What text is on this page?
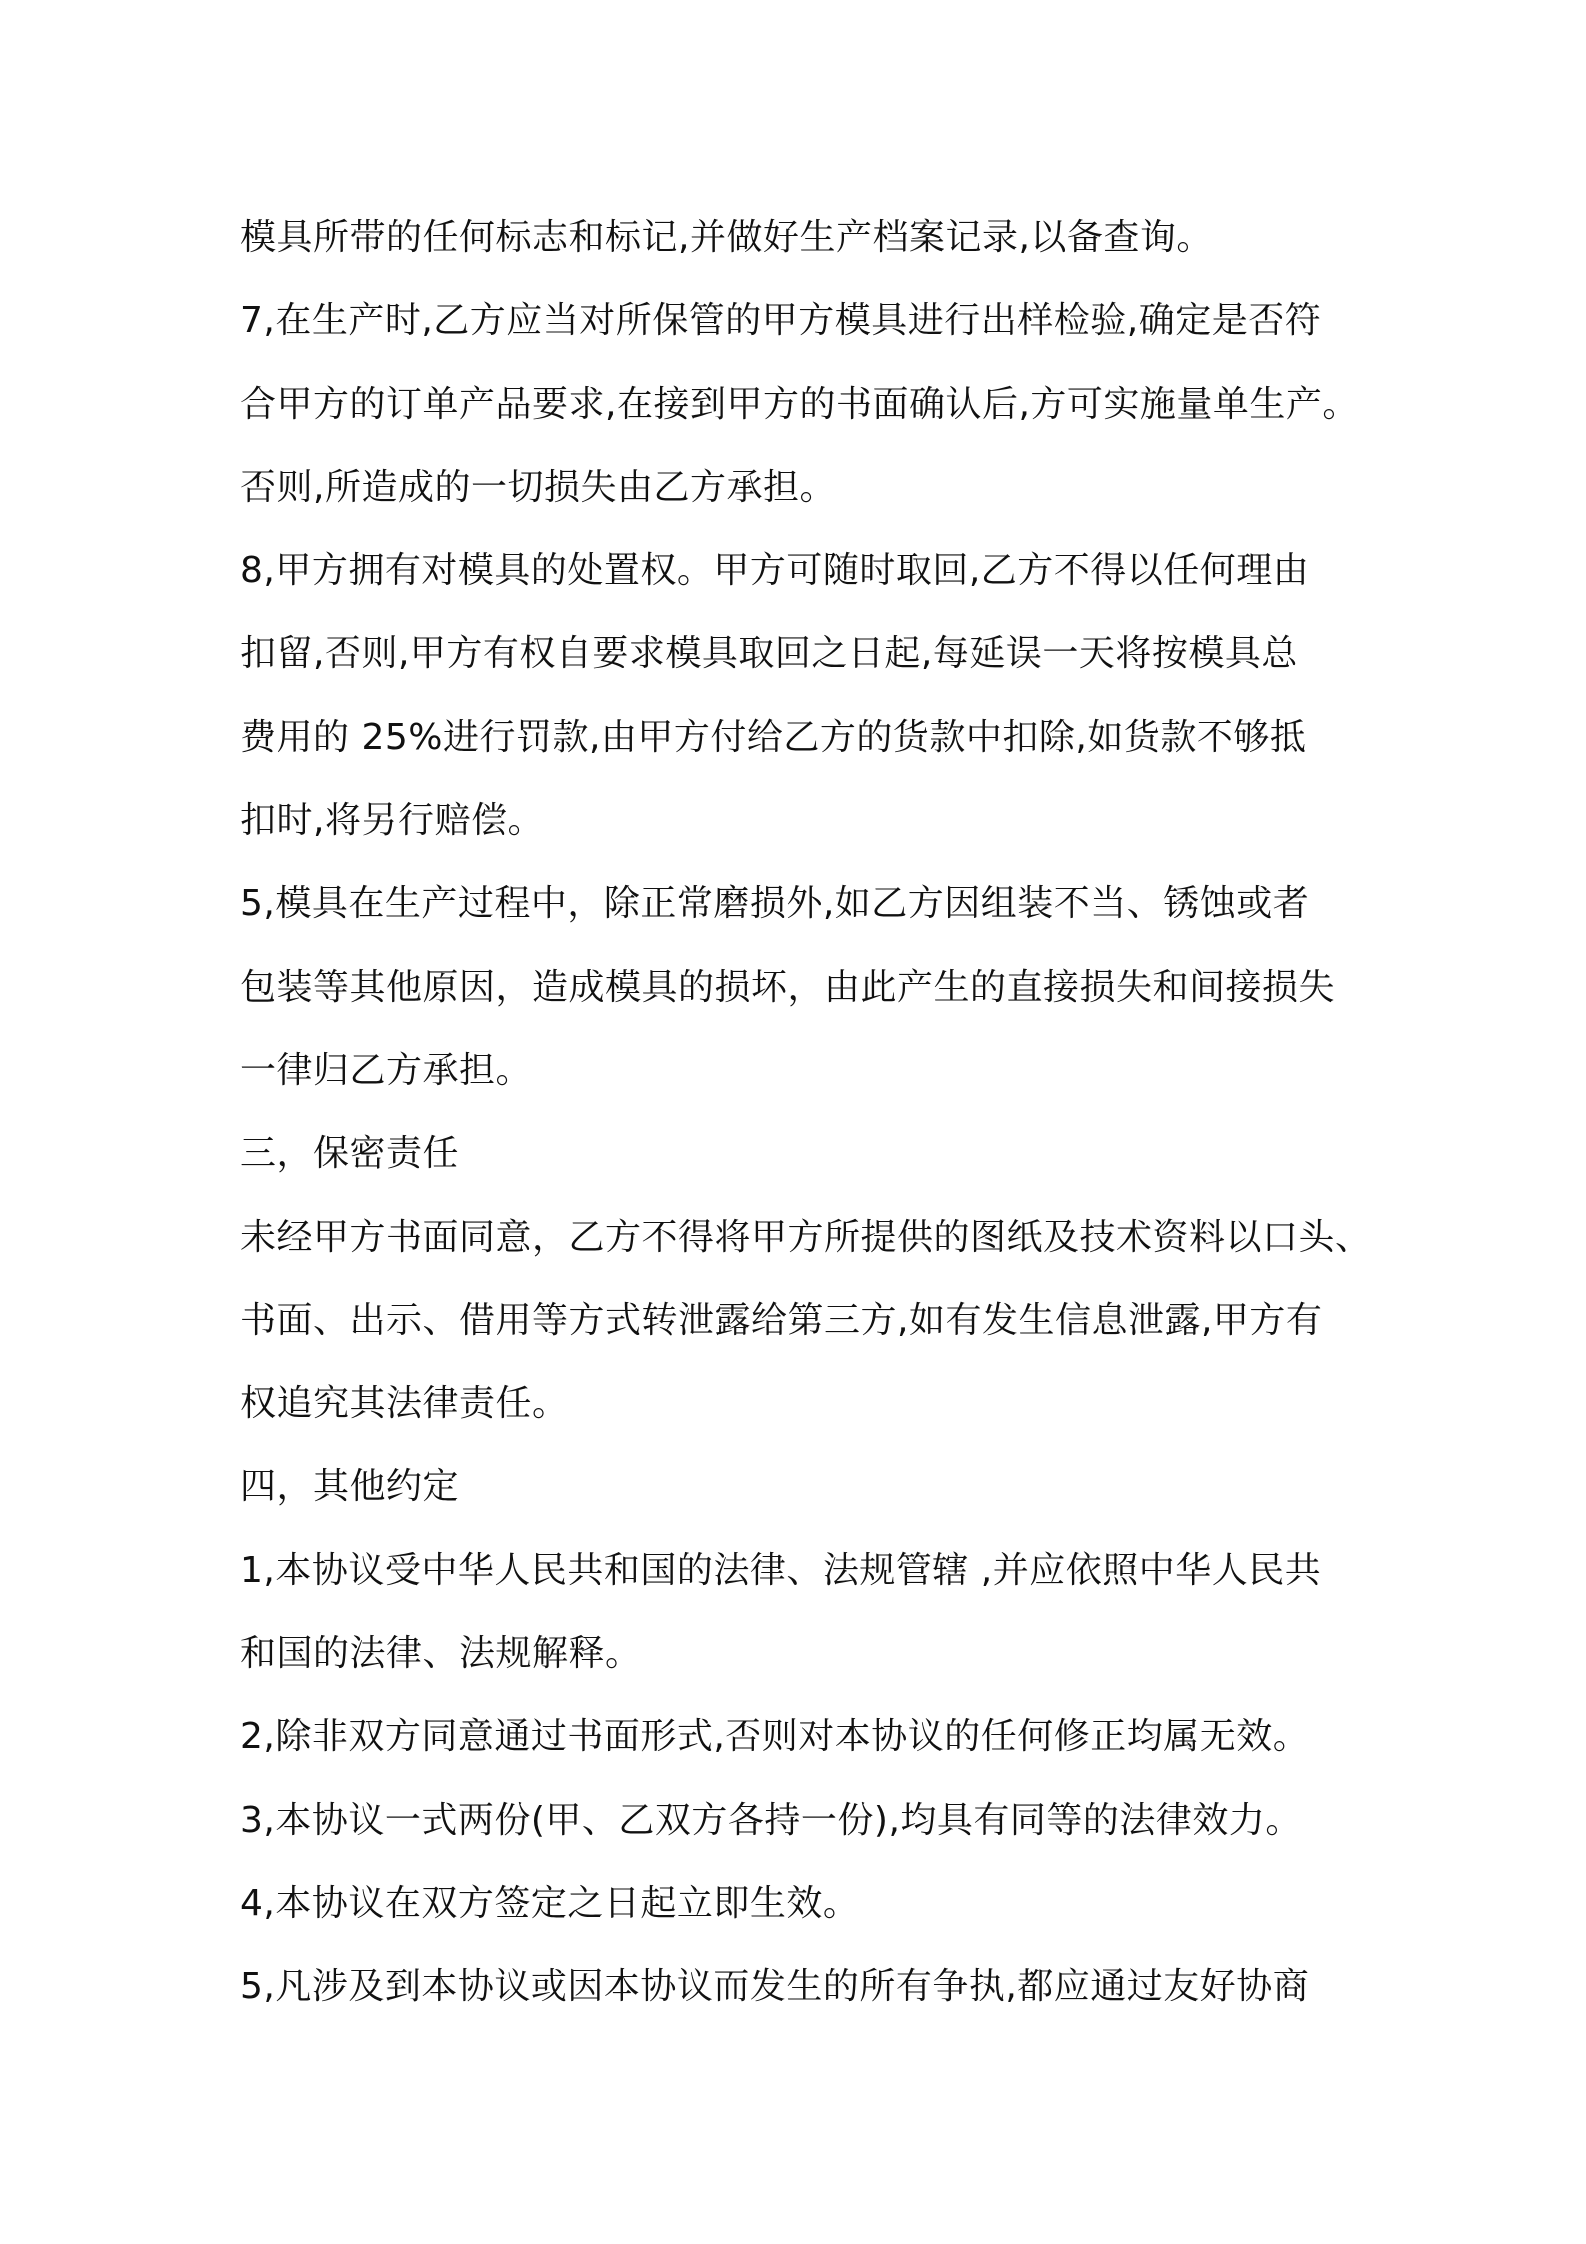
模具所带的任何标志和标记,并做好生产档案记录,以备查询。
7,在生产时,乙方应当对所保管的甲方模具进行出样检验,确定是否符
合甲方的订单产品要求,在接到甲方的书面确认后,方可实施量单生产。
否则,所造成的一切损失由乙方承担。
8,甲方拥有对模具的处置权。甲方可随时取回,乙方不得以任何理由
扣留,否则,甲方有权自要求模具取回之日起,每延误一天将按模具总
费用的 25%进行罚款,由甲方付给乙方的货款中扣除,如货款不够抵
扣时,将另行赔偿。
5,模具在生产过程中，除正常磨损外,如乙方因组装不当、锈蚀或者
包装等其他原因，造成模具的损坏，由此产生的直接损失和间接损失
一律归乙方承担。
三，保密责任
未经甲方书面同意，乙方不得将甲方所提供的图纸及技术资料以口头、
书面、出示、借用等方式转泄露给第三方,如有发生信息泄露,甲方有
权追究其法律责任。
四，其他约定
1,本协议受中华人民共和国的法律、法规管辖 ,并应依照中华人民共
和国的法律、法规解释。
2,除非双方同意通过书面形式,否则对本协议的任何修正均属无效。
3,本协议一式两份(甲、乙双方各持一份),均具有同等的法律效力。
4,本协议在双方签定之日起立即生效。
5,凡涉及到本协议或因本协议而发生的所有争执,都应通过友好协商
